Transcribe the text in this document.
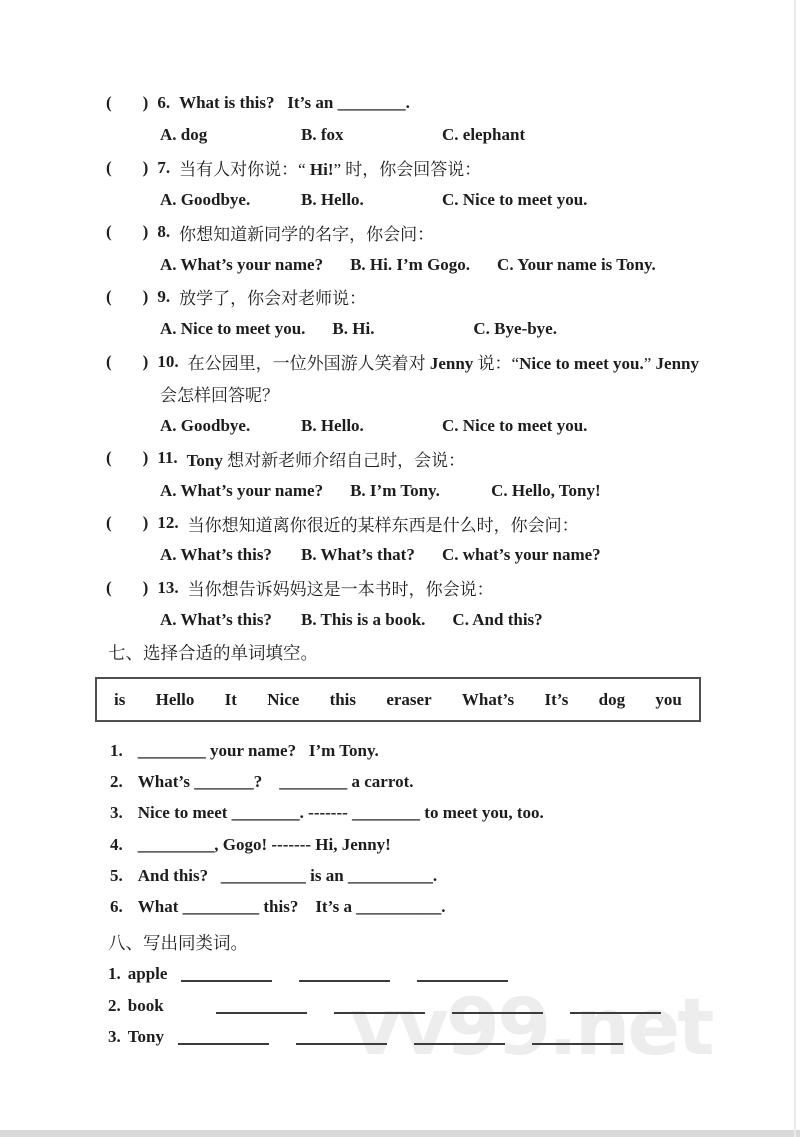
vv99.net
( ) 6. What is this?   It’s an ________.
A. dog	B. fox	C. elephant
( ) 7. 当有人对你说：“ Hi!” 时，你会回答说：
A. Goodbye.	B. Hello.	C. Nice to meet you.
( ) 8. 你想知道新同学的名字，你会问：
A. What’s your name? B. Hi. I’m Gogo. C. Your name is Tony.
( ) 9. 放学了，你会对老师说：
A. Nice to meet you. B. Hi.	C. Bye-bye.
( ) 10. 在公园里，一位外国游人笑着对 Jenny 说：“Nice to meet you.” Jenny
会怎样回答呢？
A. Goodbye.	B. Hello.	C. Nice to meet you.
( ) 11. Tony 想对新老师介绍自己时，会说：
A. What’s your name? B. I’m Tony.	C. Hello, Tony!
( ) 12. 当你想知道离你很近的某样东西是什么时，你会问：
A. What’s this? B. What’s that? C. what’s your name?
( ) 13. 当你想告诉妈妈这是一本书时，你会说：
A. What’s this? B. This is a book. C. And this?
七、选择合适的单词填空。
is Hello It Nice this eraser What’s It’s dog you
1. ________ your name?   I’m Tony.
2. What’s _______?    ________ a carrot.
3. Nice to meet ________. ------- ________ to meet you, too.
4. _________, Gogo! ------- Hi, Jenny!
5. And this?   __________ is an __________.
6. What _________ this?    It’s a __________.
八、写出同类词。
1. apple
2. book
3. Tony
